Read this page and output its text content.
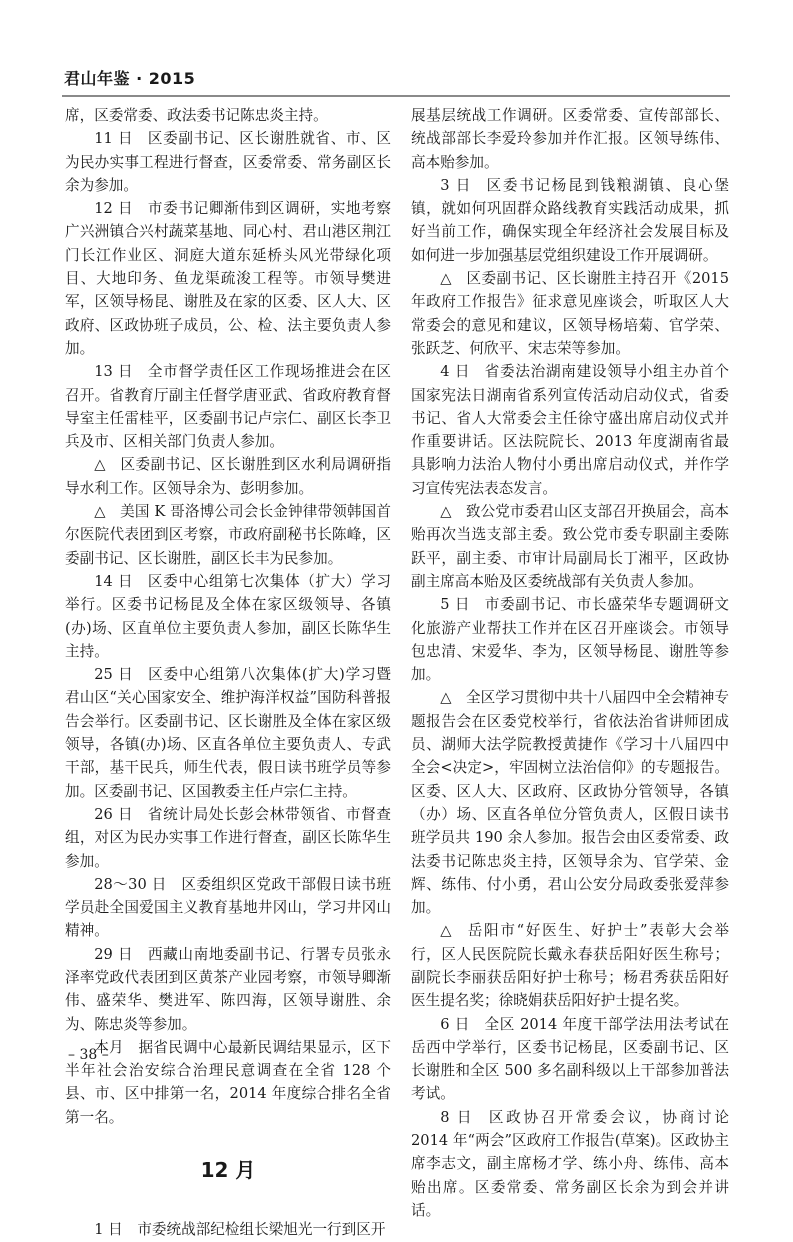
君山年鉴 · 2015

席，区委常委、政法委书记陈忠炎主持。

11 日 区委副书记、区长谢胜就省、市、区为民办实事工程进行督查，区委常委、常务副区长余为参加。

12 日 市委书记卿渐伟到区调研，实地考察广兴洲镇合兴村蔬菜基地、同心村、君山港区荆江门长江作业区、洞庭大道东延桥头风光带绿化项目、大地印务、鱼龙渠疏浚工程等。市领导樊进军，区领导杨昆、谢胜及在家的区委、区人大、区政府、区政协班子成员，公、检、法主要负责人参加。

13 日 全市督学责任区工作现场推进会在区召开。省教育厅副主任督学唐亚武、省政府教育督导室主任雷桂平，区委副书记卢宗仁、副区长李卫兵及市、区相关部门负责人参加。

△ 区委副书记、区长谢胜到区水利局调研指导水利工作。区领导余为、彭明参加。

△ 美国 K 哥洛博公司会长金钟律带领韩国首尔医院代表团到区考察，市政府副秘书长陈峰，区委副书记、区长谢胜，副区长丰为民参加。

14 日 区委中心组第七次集体（扩大）学习举行。区委书记杨昆及全体在家区级领导、各镇(办)场、区直单位主要负责人参加，副区长陈华生主持。

25 日 区委中心组第八次集体(扩大)学习暨君山区“关心国家安全、维护海洋权益”国防科普报告会举行。区委副书记、区长谢胜及全体在家区级领导，各镇(办)场、区直各单位主要负责人、专武干部，基干民兵，师生代表，假日读书班学员等参加。区委副书记、区国教委主任卢宗仁主持。

26 日 省统计局处长彭会林带领省、市督查组，对区为民办实事工作进行督查，副区长陈华生参加。

28～30 日 区委组织区党政干部假日读书班学员赴全国爱国主义教育基地井冈山，学习井冈山精神。

29 日 西藏山南地委副书记、行署专员张永泽率党政代表团到区黄茶产业园考察，市领导卿渐伟、盛荣华、樊进军、陈四海，区领导谢胜、余为、陈忠炎等参加。

本月 据省民调中心最新民调结果显示，区下半年社会治安综合治理民意调查在全省 128 个县、市、区中排第一名，2014 年度综合排名全省第一名。

12 月

1 日 市委统战部纪检组长梁旭光一行到区开

展基层统战工作调研。区委常委、宣传部部长、统战部部长李爱玲参加并作汇报。区领导练伟、高本贻参加。

3 日 区委书记杨昆到钱粮湖镇、良心堡镇，就如何巩固群众路线教育实践活动成果，抓好当前工作，确保实现全年经济社会发展目标及如何进一步加强基层党组织建设工作开展调研。

△ 区委副书记、区长谢胜主持召开《2015 年政府工作报告》征求意见座谈会，听取区人大常委会的意见和建议，区领导杨培菊、官学荣、张跃芝、何欣平、宋志荣等参加。

4 日 省委法治湖南建设领导小组主办首个国家宪法日湖南省系列宣传活动启动仪式，省委书记、省人大常委会主任徐守盛出席启动仪式并作重要讲话。区法院院长、2013 年度湖南省最具影响力法治人物付小勇出席启动仪式，并作学习宣传宪法表态发言。

△ 致公党市委君山区支部召开换届会，高本贻再次当选支部主委。致公党市委专职副主委陈跃平，副主委、市审计局副局长丁湘平，区政协副主席高本贻及区委统战部有关负责人参加。

5 日 市委副书记、市长盛荣华专题调研文化旅游产业帮扶工作并在区召开座谈会。市领导包忠清、宋爱华、李为，区领导杨昆、谢胜等参加。

△ 全区学习贯彻中共十八届四中全会精神专题报告会在区委党校举行，省依法治省讲师团成员、湖师大法学院教授黄捷作《学习十八届四中全会<决定>，牢固树立法治信仰》的专题报告。区委、区人大、区政府、区政协分管领导，各镇（办）场、区直各单位分管负责人，区假日读书班学员共 190 余人参加。报告会由区委常委、政法委书记陈忠炎主持，区领导余为、官学荣、金辉、练伟、付小勇，君山公安分局政委张爱萍参加。

△ 岳阳市“好医生、好护士”表彰大会举行，区人民医院院长戴永春获岳阳好医生称号；副院长李丽获岳阳好护士称号；杨君秀获岳阳好医生提名奖；徐晓娟获岳阳好护士提名奖。

6 日 全区 2014 年度干部学法用法考试在岳西中学举行，区委书记杨昆，区委副书记、区长谢胜和全区 500 多名副科级以上干部参加普法考试。

8 日 区政协召开常委会议，协商讨论 2014 年“两会”区政府工作报告(草案)。区政协主席李志文，副主席杨才学、练小舟、练伟、高本贻出席。区委常委、常务副区长余为到会并讲话。

– 38 –
